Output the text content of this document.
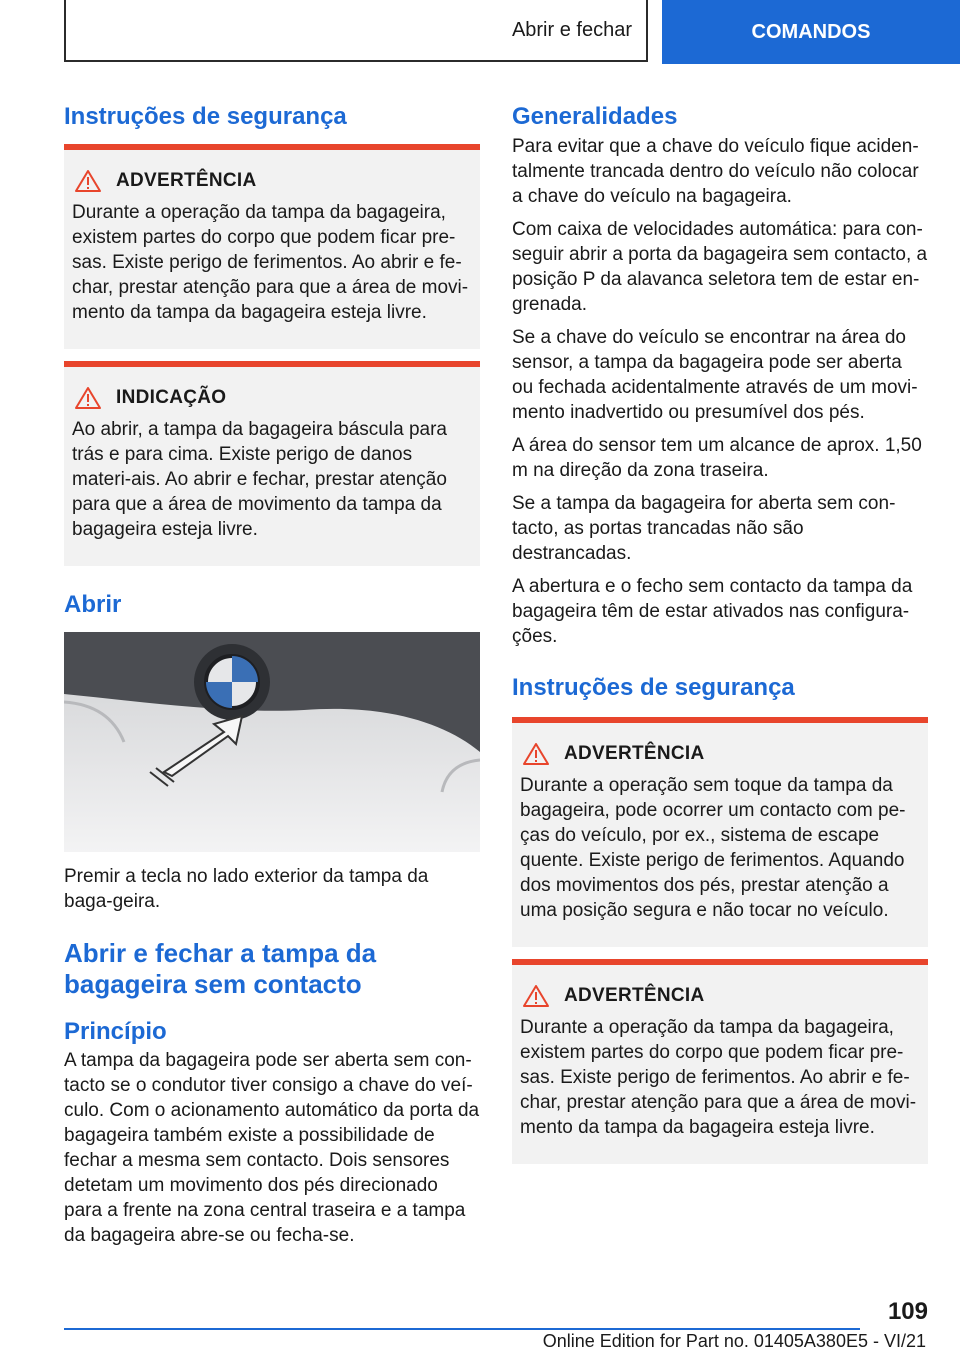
Abrir e fechar	COMANDOS
Instruções de segurança
ADVERTÊNCIA

Durante a operação da tampa da bagageira, existem partes do corpo que podem ficar pre-sas. Existe perigo de ferimentos. Ao abrir e fe-char, prestar atenção para que a área de movi-mento da tampa da bagageira esteja livre.

INDICAÇÃO

Ao abrir, a tampa da bagageira báscula para trás e para cima. Existe perigo de danos materi-ais. Ao abrir e fechar, prestar atenção para que a área de movimento da tampa da bagageira esteja livre.

Abrir

Premir a tecla no lado exterior da tampa da baga-geira.

Abrir e fechar a tampa da bagageira sem contacto
Princípio

A tampa da bagageira pode ser aberta sem con-tacto se o condutor tiver consigo a chave do veí-culo. Com o acionamento automático da porta da bagageira também existe a possibilidade de fechar a mesma sem contacto. Dois sensores detetam um movimento dos pés direcionado para a frente na zona central traseira e a tampa da bagageira abre-se ou fecha-se.

Generalidades

Para evitar que a chave do veículo fique aciden-talmente trancada dentro do veículo não colocar a chave do veículo na bagageira.

Com caixa de velocidades automática: para con-seguir abrir a porta da bagageira sem contacto, a posição P da alavanca seletora tem de estar en-grenada.

Se a chave do veículo se encontrar na área do sensor, a tampa da bagageira pode ser aberta ou fechada acidentalmente através de um movi-mento inadvertido ou presumível dos pés.

A área do sensor tem um alcance de aprox. 1,50 m na direção da zona traseira.

Se a tampa da bagageira for aberta sem con-tacto, as portas trancadas não são destrancadas.

A abertura e o fecho sem contacto da tampa da bagageira têm de estar ativados nas configura-ções.

Instruções de segurança
ADVERTÊNCIA

Durante a operação sem toque da tampa da bagageira, pode ocorrer um contacto com pe-ças do veículo, por ex., sistema de escape quente. Existe perigo de ferimentos. Aquando dos movimentos dos pés, prestar atenção a uma posição segura e não tocar no veículo.

ADVERTÊNCIA

Durante a operação da tampa da bagageira, existem partes do corpo que podem ficar pre-sas. Existe perigo de ferimentos. Ao abrir e fe-char, prestar atenção para que a área de movi-mento da tampa da bagageira esteja livre.

109
Online Edition for Part no. 01405A380E5 - VI/21
